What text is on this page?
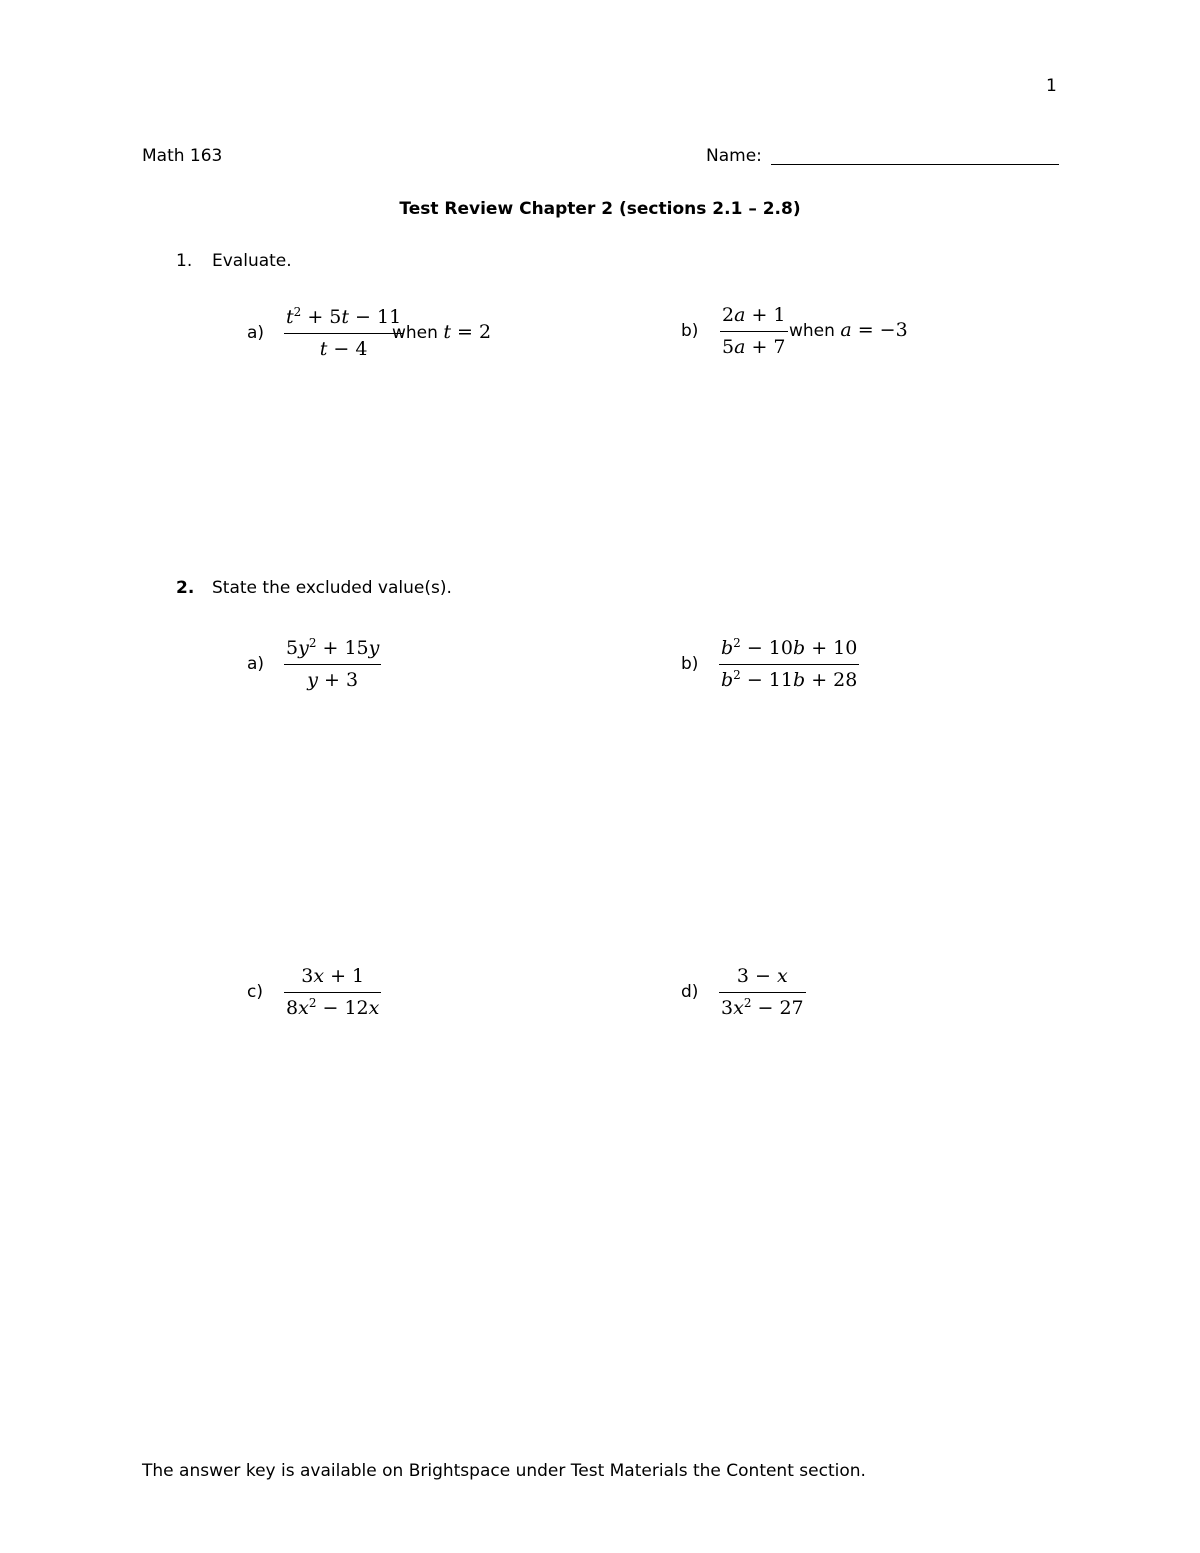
1
Math 163	Name:
Test Review Chapter 2 (sections 2.1 – 2.8)
1. Evaluate.
a)
$t^2 + 5t - 11$
t − 4
when t = 2	b)
2a + 1
5a + 7
when a = −3
2. State the excluded value(s).
a)
$5y^2 + 15y$
y + 3
b)
$b^2 - 10b + 10$
$b^2 - 11b + 28$
c)
3x + 1
$8x^2 - 12x$
d)
3 − x
$3x^2 - 27$
The answer key is available on Brightspace under Test Materials the Content section.
